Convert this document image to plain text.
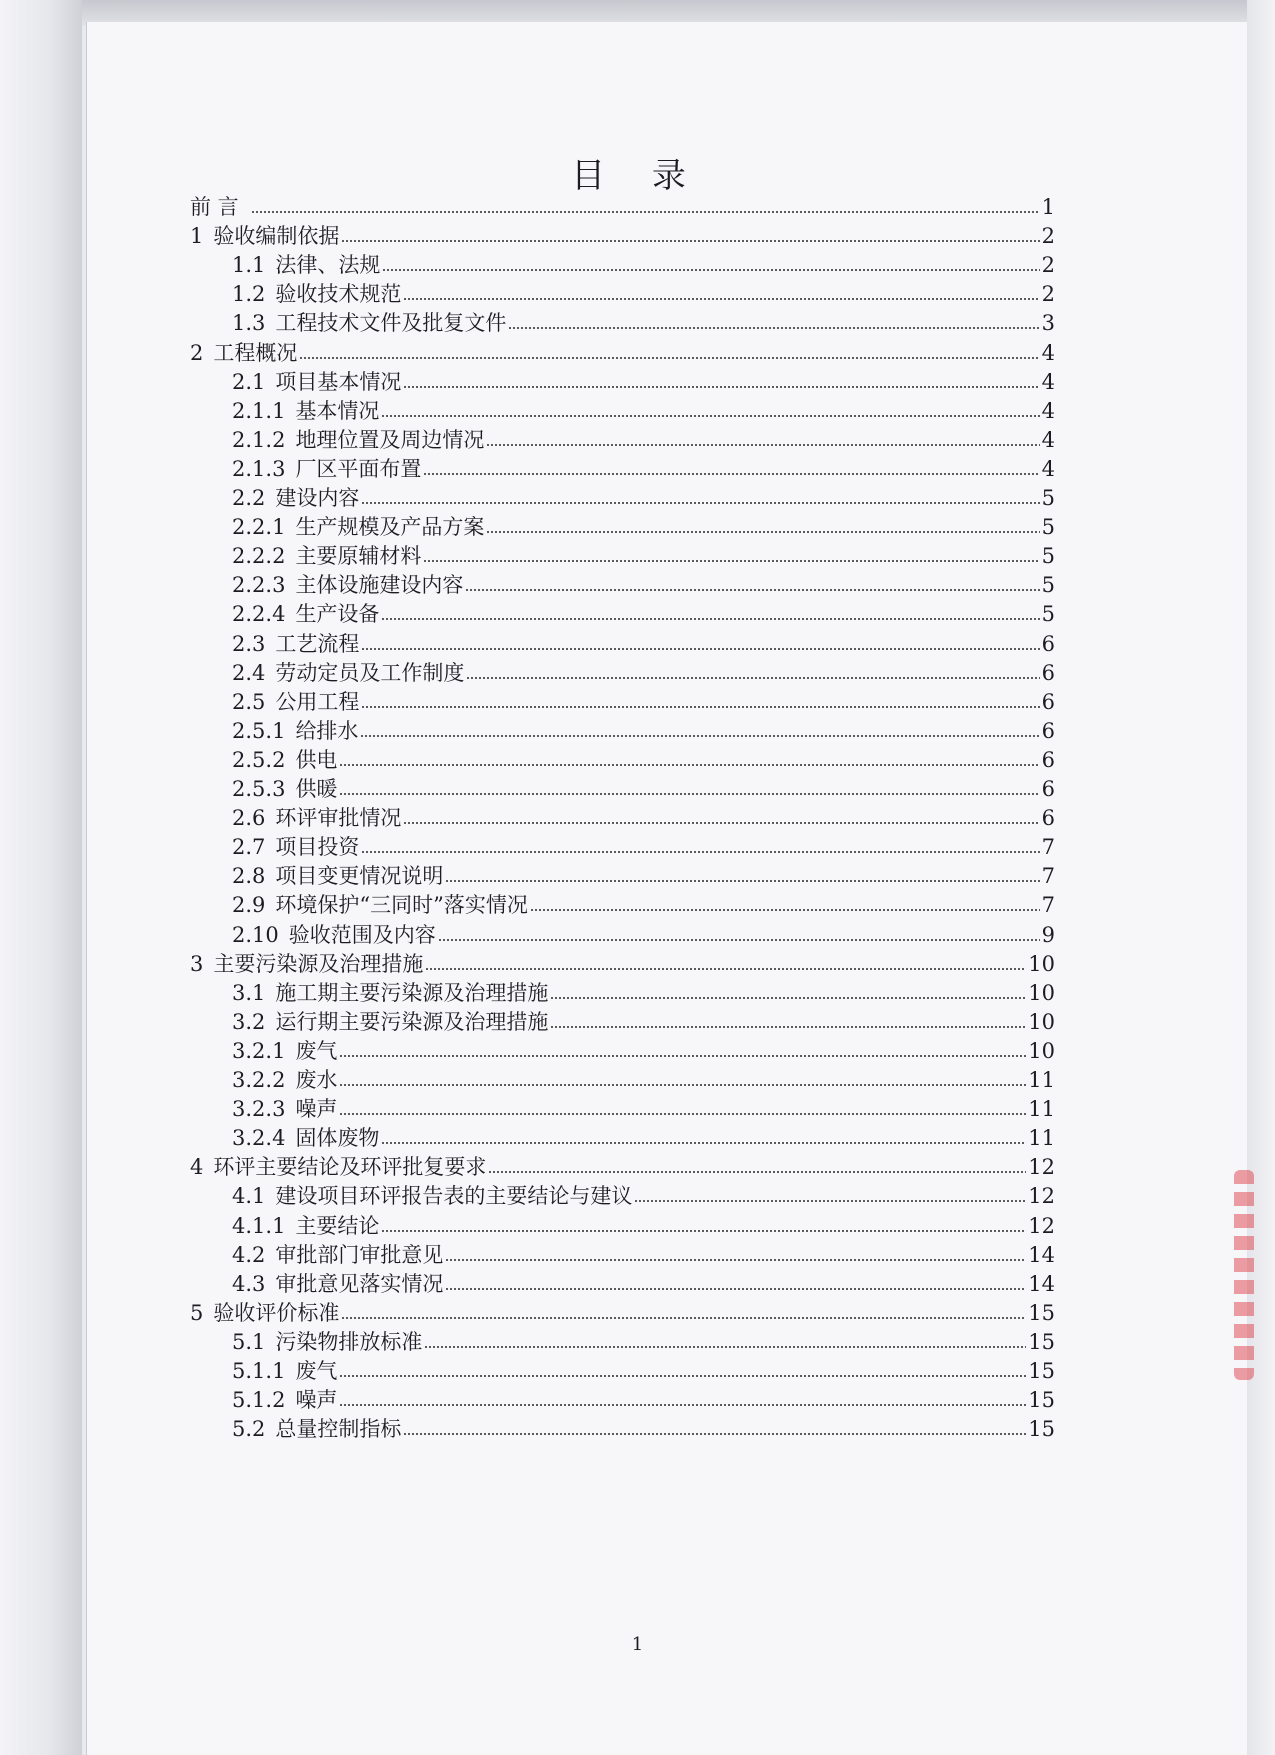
目 录
前 言	1
1 验收编制依据	2
1.1 法律、法规	2
1.2 验收技术规范	2
1.3 工程技术文件及批复文件	3
2 工程概况	4
2.1 项目基本情况	4
2.1.1 基本情况	4
2.1.2 地理位置及周边情况	4
2.1.3 厂区平面布置	4
2.2 建设内容	5
2.2.1 生产规模及产品方案	5
2.2.2 主要原辅材料	5
2.2.3 主体设施建设内容	5
2.2.4 生产设备	5
2.3 工艺流程	6
2.4 劳动定员及工作制度	6
2.5 公用工程	6
2.5.1 给排水	6
2.5.2 供电	6
2.5.3 供暖	6
2.6 环评审批情况	6
2.7 项目投资	7
2.8 项目变更情况说明	7
2.9 环境保护“三同时”落实情况	7
2.10 验收范围及内容	9
3 主要污染源及治理措施	10
3.1 施工期主要污染源及治理措施	10
3.2 运行期主要污染源及治理措施	10
3.2.1 废气	10
3.2.2 废水	11
3.2.3 噪声	11
3.2.4 固体废物	11
4 环评主要结论及环评批复要求	12
4.1 建设项目环评报告表的主要结论与建议	12
4.1.1 主要结论	12
4.2 审批部门审批意见	14
4.3 审批意见落实情况	14
5 验收评价标准	15
5.1 污染物排放标准	15
5.1.1 废气	15
5.1.2 噪声	15
5.2 总量控制指标	15
1
